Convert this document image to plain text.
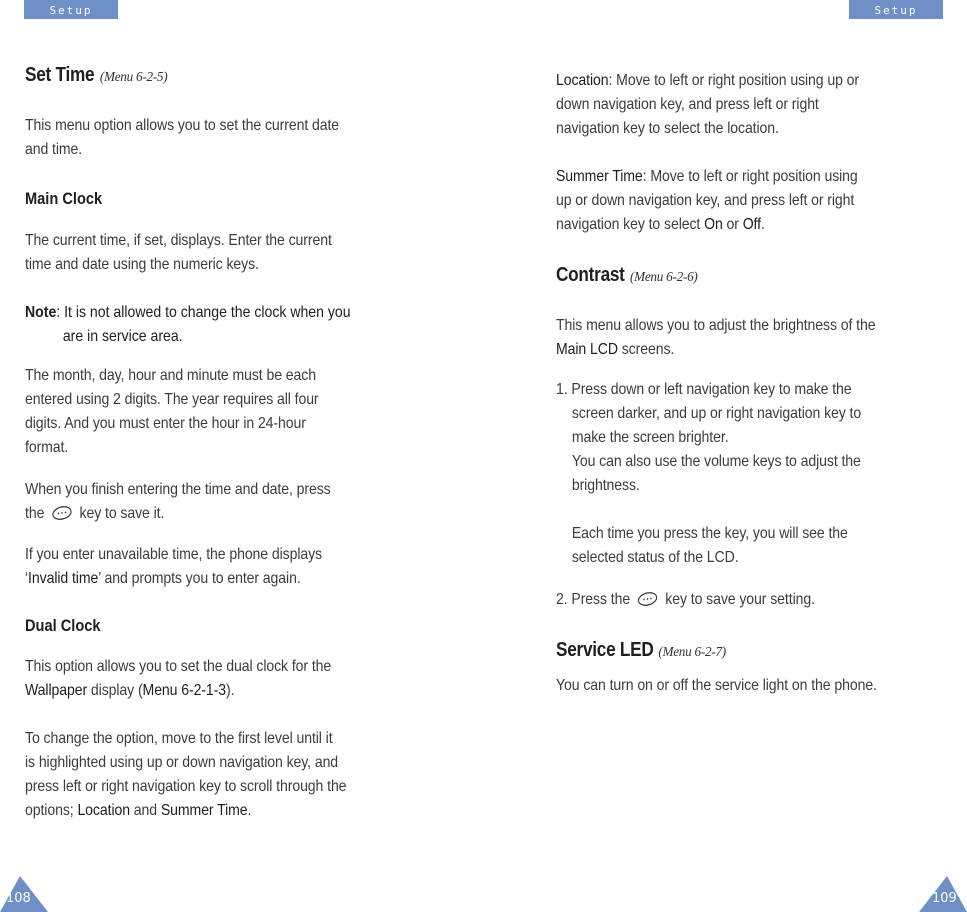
Setup	Setup
Set Time (Menu 6-2-5)
This menu option allows you to set the current date
and time.
Main Clock
The current time, if set, displays. Enter the current
time and date using the numeric keys.
Note: It is not allowed to change the clock when you
are in service area.
The month, day, hour and minute must be each
entered using 2 digits. The year requires all four
digits. And you must enter the hour in 24-hour
format.
When you finish entering the time and date, press
the key to save it.
If you enter unavailable time, the phone displays
‘Invalid time’ and prompts you to enter again.
Dual Clock
This option allows you to set the dual clock for the
Wallpaper display (Menu 6-2-1-3).
To change the option, move to the first level until it
is highlighted using up or down navigation key, and
press left or right navigation key to scroll through the
options; Location and Summer Time.
Location: Move to left or right position using up or
down navigation key, and press left or right
navigation key to select the location.
Summer Time: Move to left or right position using
up or down navigation key, and press left or right
navigation key to select On or Off.
Contrast (Menu 6-2-6)
This menu allows you to adjust the brightness of the
Main LCD screens.
1. Press down or left navigation key to make the
screen darker, and up or right navigation key to
make the screen brighter.
You can also use the volume keys to adjust the
brightness.
Each time you press the key, you will see the
selected status of the LCD.
2. Press the key to save your setting.
Service LED (Menu 6-2-7)
You can turn on or off the service light on the phone.
108	109
